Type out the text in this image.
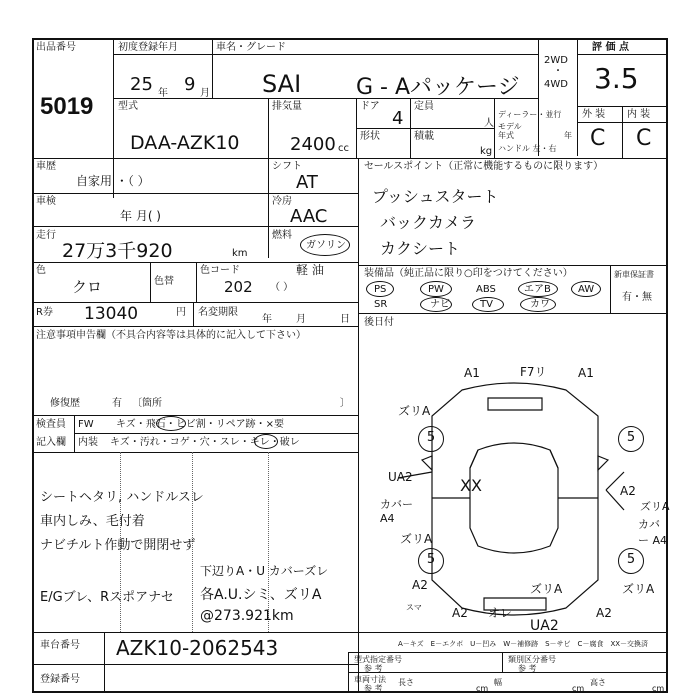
出品番号
5019
初度登録年月
25 年 9 月
車名・グレード
SAI G - Aパッケージ
2WD
・
4WD
評 価 点
3.5
型式
DAA-AZK10
排気量
2400 cc
ドア
4
定員
人
形状	積載
kg
ディーラー・並行
モデル
年式	年
ハンドル 左・右
外 装 内 装
C C
車歴
自家用 ・（ ）
シフト
AT
車検
年 月( )
冷房
AAC
走行
27万3千920	km
燃料
ガソリン
軽 油
（ ）
色
クロ	色替
色コード
202
R券 13040	円 名変期限
年 月	日
セールスポイント（正常に機能するものに限ります）
プッシュスタート
バックカメラ
カクシート
装備品（純正品に限り○印をつけてください）	新車保証書
有・無
PS	PW	ABS	エアB	AW
SR	ナビ	TV	カワ
後日付
注意事項申告欄（不具合内容等は具体的に記入して下さい）
修復歴	有 〔箇所	〕
検査員
記入欄
FW キズ・飛石・ヒビ割・リペア跡・×要
内装 キズ・汚れ・コゲ・穴・スレ・キレ・破レ
シートヘタリ, ハンドルスレ
車内しみ、毛付着
ナビチルト作動で開閉せず
E/Gブレ、Rスポアナセ
下辺りA・U カバーズレ
各A.U.シミ、ズリA
@273.921km
A1	F7リ	A1
ズリA
5	5
UA2	XX
カバー A4
ズリA
5	5
A2
A2
ズリA
ズリA
カバー A4
A2
ズリA
オレ
UA2
A2
スマ
A－キズ　E－エクボ　U－凹み　W－補修跡　S－サビ　C－腐食　XX－交換済
車台番号 AZK10-2062543
登録番号
型式指定番号
参 考
類別区分番号
参 考
車両寸法
参 考
長さ
cm
幅
cm
高さ
cm
